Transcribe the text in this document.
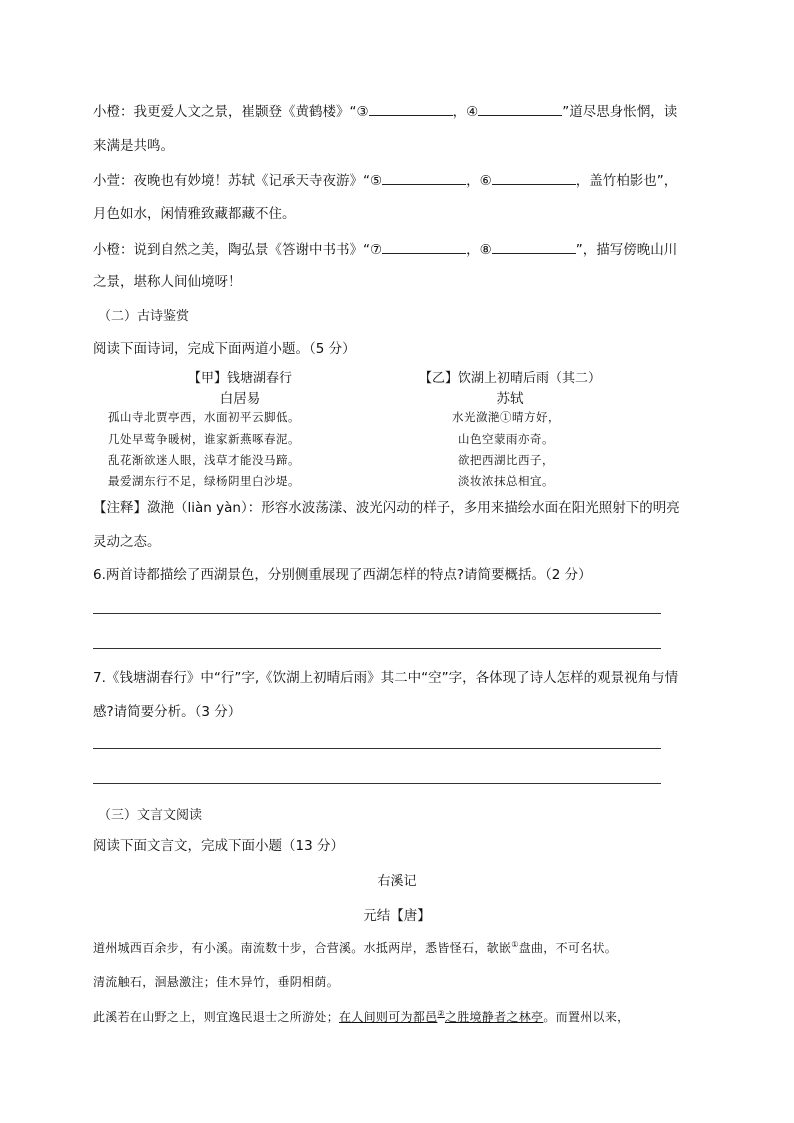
小橙：我更爱人文之景，崔颢登《黄鹤楼》“③	，④	”道尽思身怅惘，读
来满是共鸣。
小萱：夜晚也有妙境！苏轼《记承天寺夜游》“⑤	，⑥	，盖竹柏影也”，
月色如水，闲情雅致藏都藏不住。
小橙：说到自然之美，陶弘景《答谢中书书》“⑦	，⑧	”，描写傍晚山川
之景，堪称人间仙境呀！
（二）古诗鉴赏
阅读下面诗词，完成下面两道小题。（5 分）
【甲】钱塘湖春行
白居易
【乙】饮湖上初晴后雨（其二）
苏轼
孤山寺北贾亭西，水面初平云脚低。
几处早莺争暖树，谁家新燕啄春泥。
乱花渐欲迷人眼，浅草才能没马蹄。
最爱湖东行不足，绿杨阴里白沙堤。
水光潋滟①晴方好，
山色空蒙雨亦奇。
欲把西湖比西子，
淡妆浓抹总相宜。
【注释】潋滟（liàn yàn）：形容水波荡漾、波光闪动的样子，多用来描绘水面在阳光照射下的明亮
灵动之态。
6.两首诗都描绘了西湖景色，分别侧重展现了西湖怎样的特点?请简要概括。（2 分）
7.《钱塘湖春行》中“行”字,《饮湖上初晴后雨》其二中“空”字，各体现了诗人怎样的观景视角与情
感?请简要分析。（3 分）
（三）文言文阅读
阅读下面文言文，完成下面小题（13 分）
右溪记
元结【唐】
道州城西百余步，有小溪。南流数十步，合营溪。水抵两岸，悉皆怪石，欹嵌①盘曲，不可名状。
清流触石，洄悬激注；佳木异竹，垂阴相荫。
此溪若在山野之上，则宜逸民退士之所游处；在人间则可为都邑②之胜境静者之林亭。而置州以来，
